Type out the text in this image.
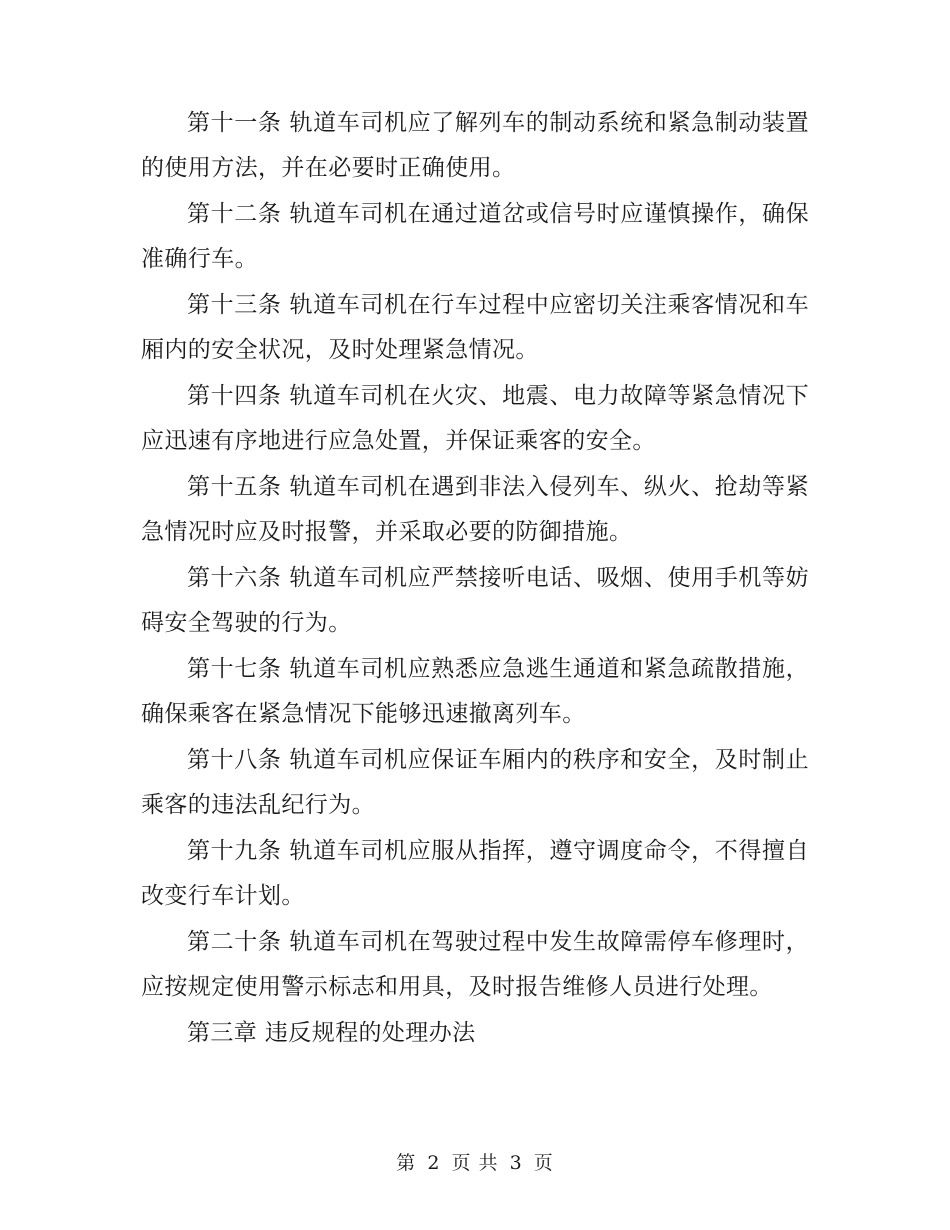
第十一条 轨道车司机应了解列车的制动系统和紧急制动装置的使用方法，并在必要时正确使用。

第十二条 轨道车司机在通过道岔或信号时应谨慎操作，确保准确行车。

第十三条 轨道车司机在行车过程中应密切关注乘客情况和车厢内的安全状况，及时处理紧急情况。

第十四条 轨道车司机在火灾、地震、电力故障等紧急情况下应迅速有序地进行应急处置，并保证乘客的安全。

第十五条 轨道车司机在遇到非法入侵列车、纵火、抢劫等紧急情况时应及时报警，并采取必要的防御措施。

第十六条 轨道车司机应严禁接听电话、吸烟、使用手机等妨碍安全驾驶的行为。

第十七条 轨道车司机应熟悉应急逃生通道和紧急疏散措施，确保乘客在紧急情况下能够迅速撤离列车。

第十八条 轨道车司机应保证车厢内的秩序和安全，及时制止乘客的违法乱纪行为。

第十九条 轨道车司机应服从指挥，遵守调度命令，不得擅自改变行车计划。

第二十条 轨道车司机在驾驶过程中发生故障需停车修理时，应按规定使用警示标志和用具，及时报告维修人员进行处理。

第三章 违反规程的处理办法

第 2 页 共 3 页
